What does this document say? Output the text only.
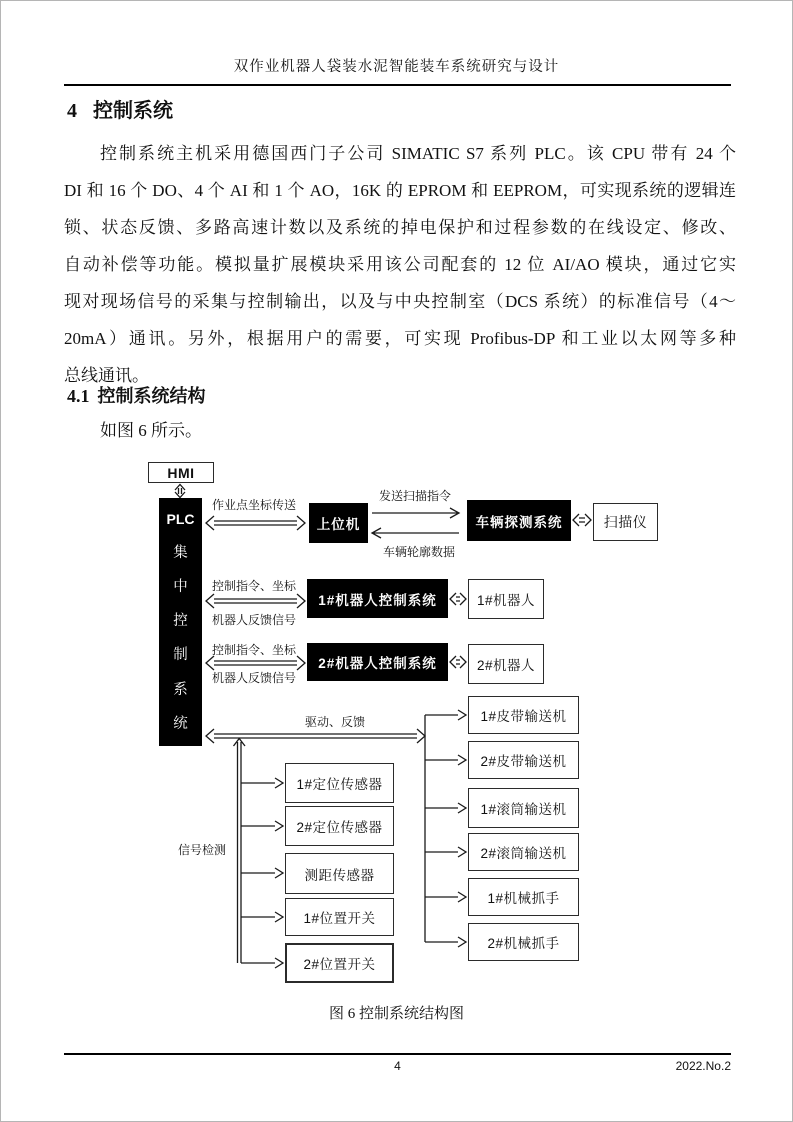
双作业机器人袋装水泥智能装车系统研究与设计
4 控制系统
控制系统主机采用德国西门子公司 SIMATIC S7 系列 PLC。该 CPU 带有 24 个
DI 和 16 个 DO、4 个 AI 和 1 个 AO，16K 的 EPROM 和 EEPROM，可实现系统的逻辑连
锁、状态反馈、多路高速计数以及系统的掉电保护和过程参数的在线设定、修改、
自动补偿等功能。模拟量扩展模块采用该公司配套的 12 位 AI/AO 模块，通过它实
现对现场信号的采集与控制输出，以及与中央控制室（DCS 系统）的标准信号（4～
20mA）通讯。另外，根据用户的需要，可实现 Profibus-DP 和工业以太网等多种
总线通讯。
4.1 控制系统结构
如图 6 所示。
HMI
PLC
集
中
控
制
系
统
上位机	车辆探测系统	扫描仪
1#机器人控制系统	1#机器人
2#机器人控制系统	2#机器人
1#定位传感器
2#定位传感器
测距传感器
1#位置开关
2#位置开关
1#皮带输送机
2#皮带输送机
1#滚筒输送机
2#滚筒输送机
1#机械抓手
2#机械抓手
作业点坐标传送
发送扫描指令
车辆轮廓数据
控制指令、坐标
机器人反馈信号
控制指令、坐标
机器人反馈信号
驱动、反馈
信号检测
图 6 控制系统结构图
4	2022.No.2
